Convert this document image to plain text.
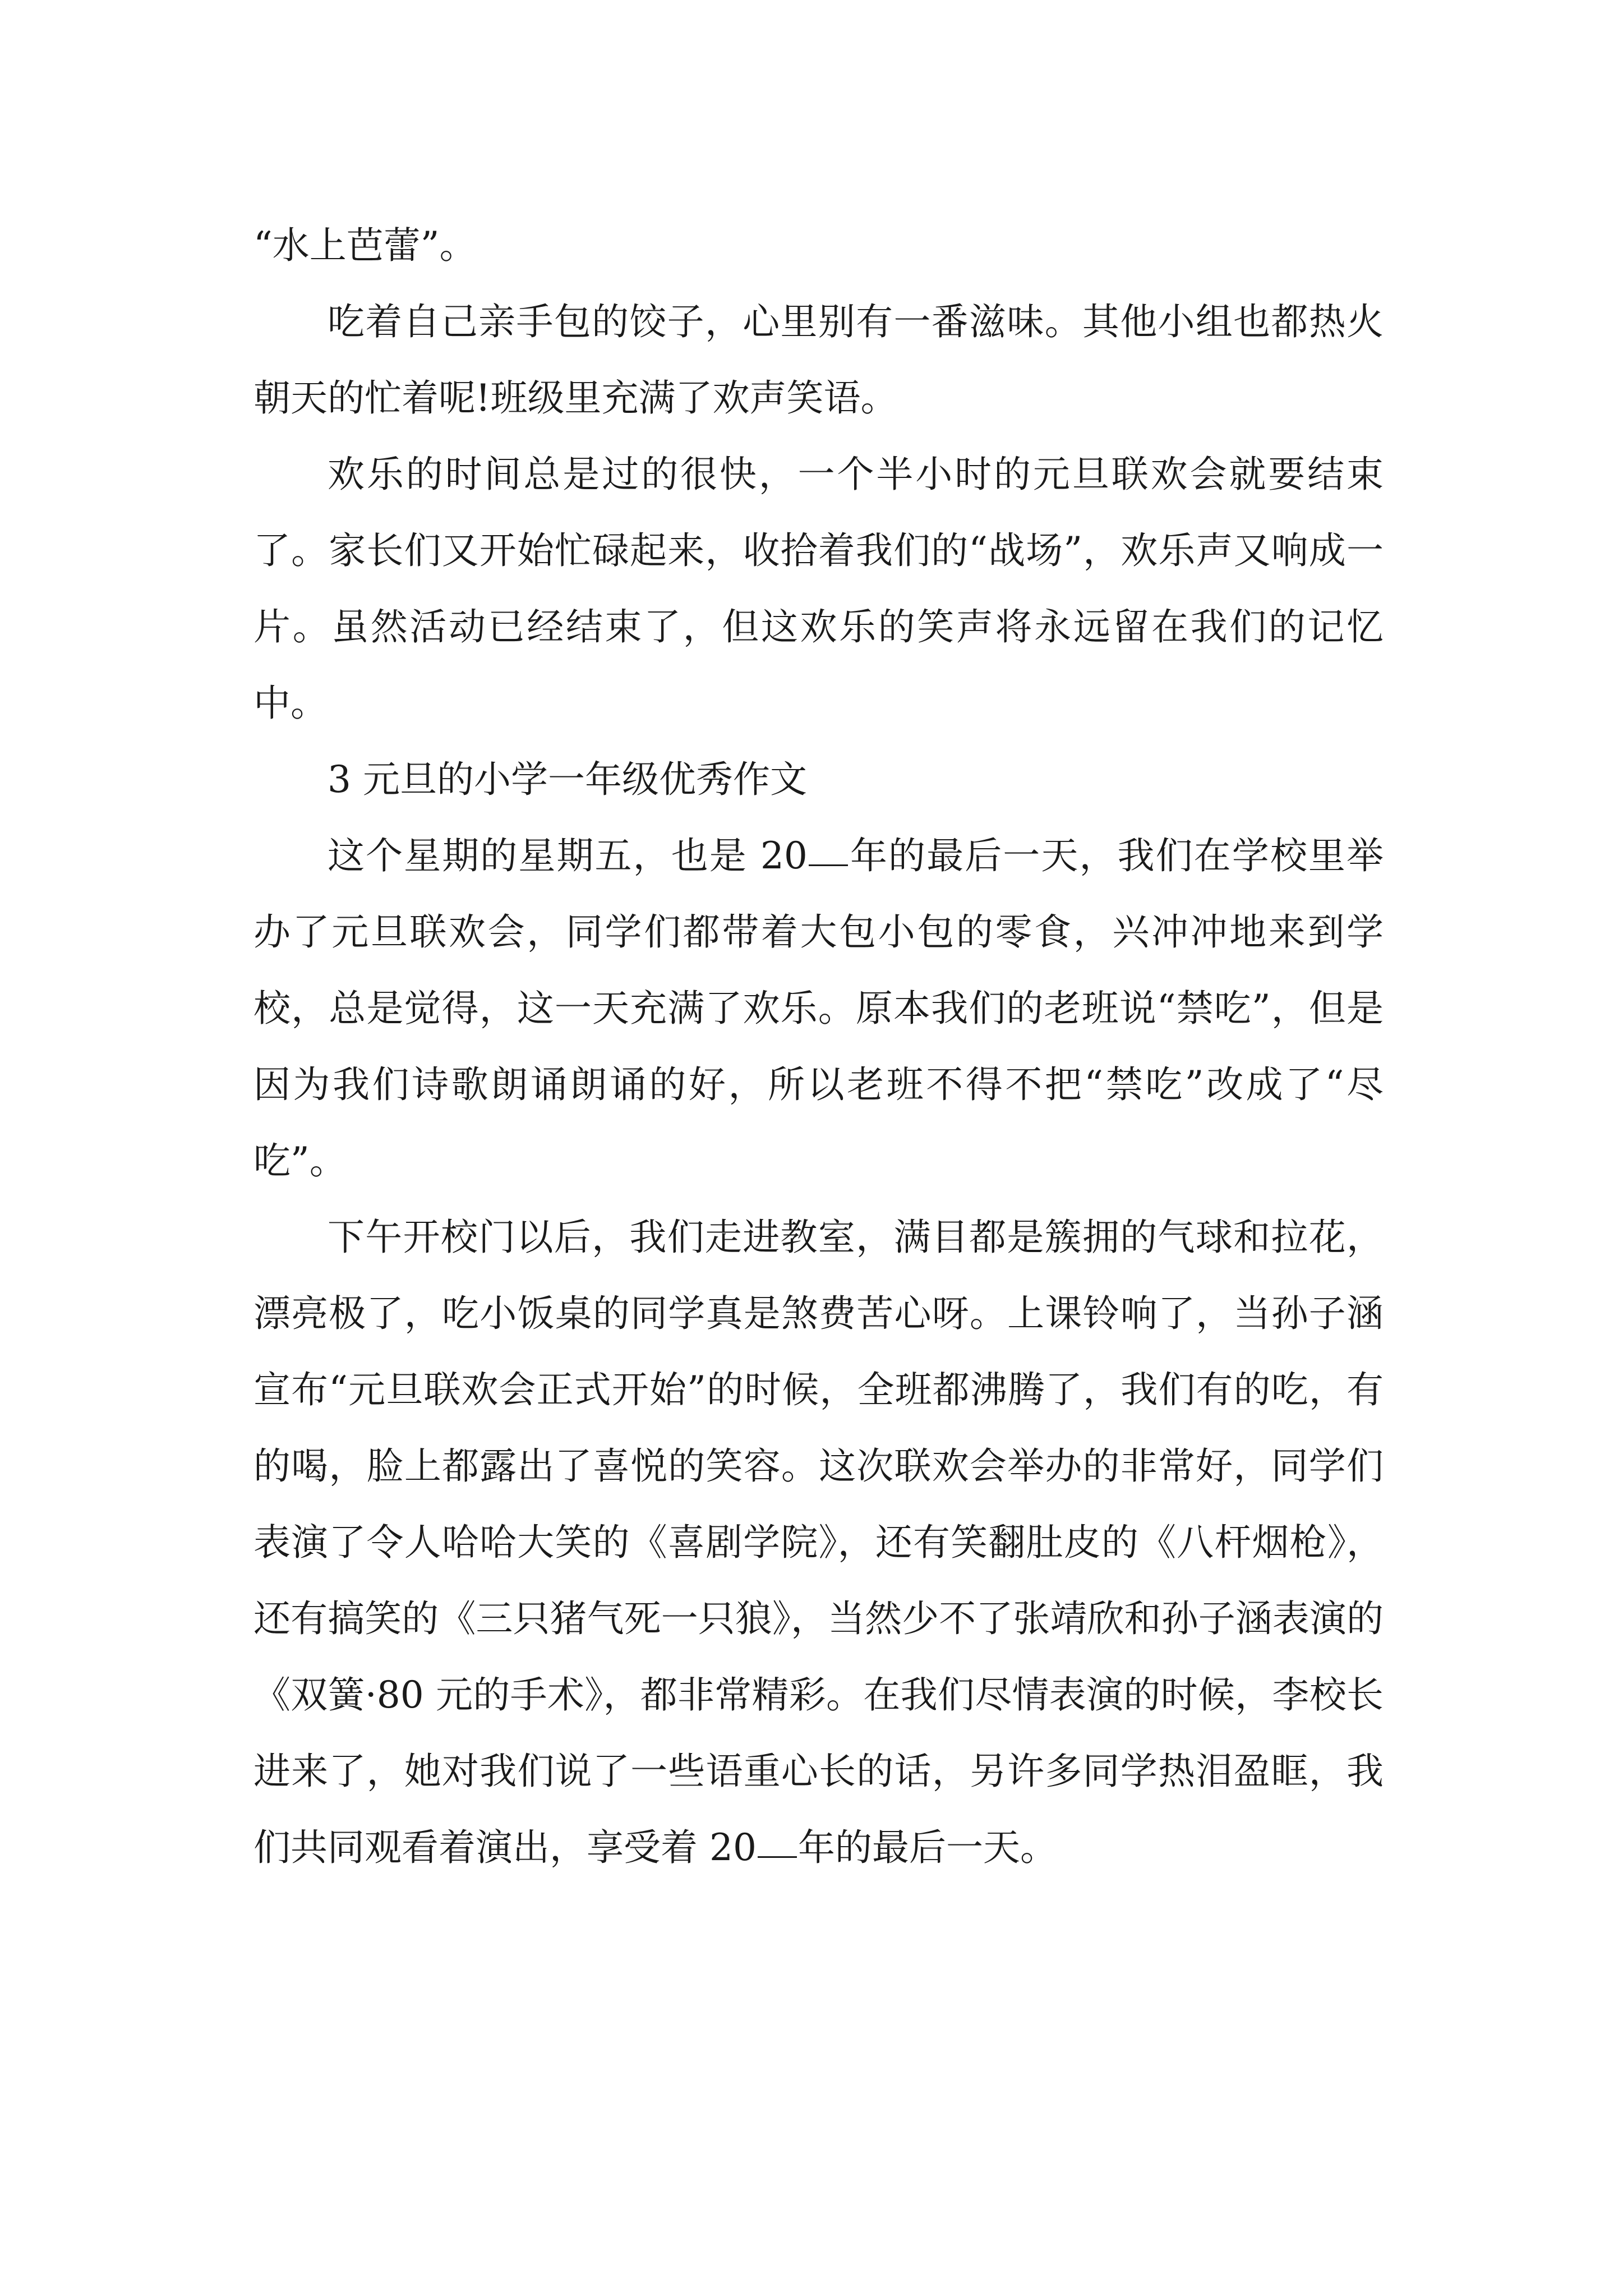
“水上芭蕾”。

吃着自己亲手包的饺子，心里别有一番滋味。其他小组也都热火朝天的忙着呢!班级里充满了欢声笑语。

欢乐的时间总是过的很快，一个半小时的元旦联欢会就要结束了。家长们又开始忙碌起来，收拾着我们的“战场”，欢乐声又响成一片。虽然活动已经结束了，但这欢乐的笑声将永远留在我们的记忆中。

3 元旦的小学一年级优秀作文

这个星期的星期五，也是 20 年的最后一天，我们在学校里举办了元旦联欢会，同学们都带着大包小包的零食，兴冲冲地来到学校，总是觉得，这一天充满了欢乐。原本我们的老班说“禁吃”，但是因为我们诗歌朗诵朗诵的好，所以老班不得不把“禁吃”改成了“尽吃”。

下午开校门以后，我们走进教室，满目都是簇拥的气球和拉花，漂亮极了，吃小饭桌的同学真是煞费苦心呀。上课铃响了，当孙子涵宣布“元旦联欢会正式开始”的时候，全班都沸腾了，我们有的吃，有的喝，脸上都露出了喜悦的笑容。这次联欢会举办的非常好，同学们表演了令人哈哈大笑的《喜剧学院》，还有笑翻肚皮的《八杆烟枪》，还有搞笑的《三只猪气死一只狼》，当然少不了张靖欣和孙子涵表演的《双簧·80 元的手术》，都非常精彩。在我们尽情表演的时候，李校长进来了，她对我们说了一些语重心长的话，另许多同学热泪盈眶，我们共同观看着演出，享受着 20 年的最后一天。
